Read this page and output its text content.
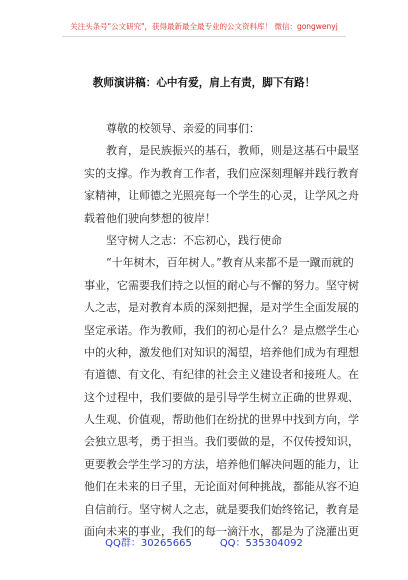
关注头条号"公文研究"，获得最新最全最专业的公文资料库！ 微信：gongwenyj
教师演讲稿：心中有爱，肩上有责，脚下有路！
尊敬的校领导、亲爱的同事们：
教育，是民族振兴的基石，教师，则是这基石中最坚
实的支撑。作为教育工作者，我们应深刻理解并践行教育
家精神，让师德之光照亮每一个学生的心灵，让学风之舟
载着他们驶向梦想的彼岸！
坚守树人之志：不忘初心，践行使命
“十年树木，百年树人。”教育从来都不是一蹴而就的
事业，它需要我们持之以恒的耐心与不懈的努力。坚守树
人之志，是对教育本质的深刻把握，是对学生全面发展的
坚定承诺。作为教师，我们的初心是什么？是点燃学生心
中的火种，激发他们对知识的渴望，培养他们成为有理想
有道德、有文化、有纪律的社会主义建设者和接班人。在
这个过程中，我们要做的是引导学生树立正确的世界观、
人生观、价值观，帮助他们在纷扰的世界中找到方向，学
会独立思考，勇于担当。我们要做的是，不仅传授知识，
更要教会学生学习的方法，培养他们解决问题的能力，让
他们在未来的日子里，无论面对何种挑战，都能从容不迫
自信前行。坚守树人之志，就是要我们始终铭记，教育是
面向未来的事业，我们的每一滴汗水，都是为了浇灌出更
QQ群：30265665	QQ：535304092
